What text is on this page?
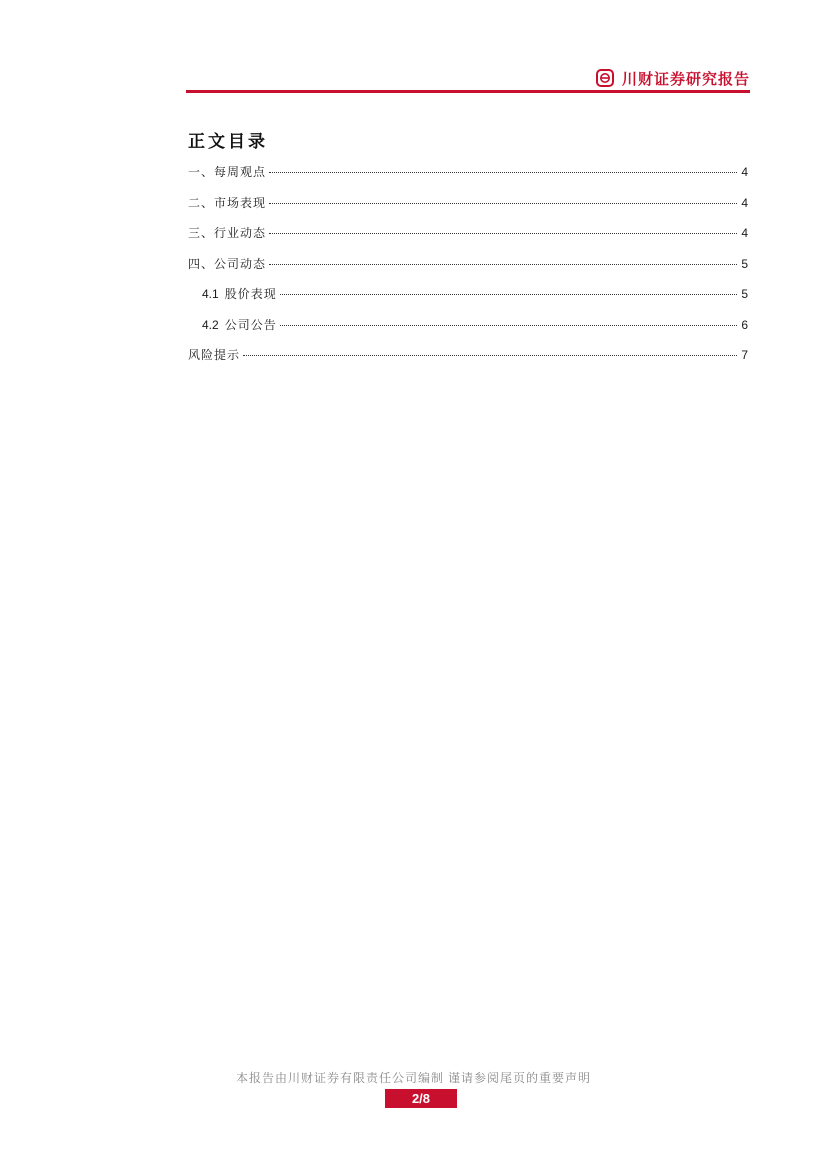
川财证券研究报告
正文目录
一、每周观点	4
二、市场表现	4
三、行业动态	4
四、公司动态	5
4.1 股价表现	5
4.2 公司公告	6
风险提示	7
本报告由川财证券有限责任公司编制 谨请参阅尾页的重要声明
2/8
